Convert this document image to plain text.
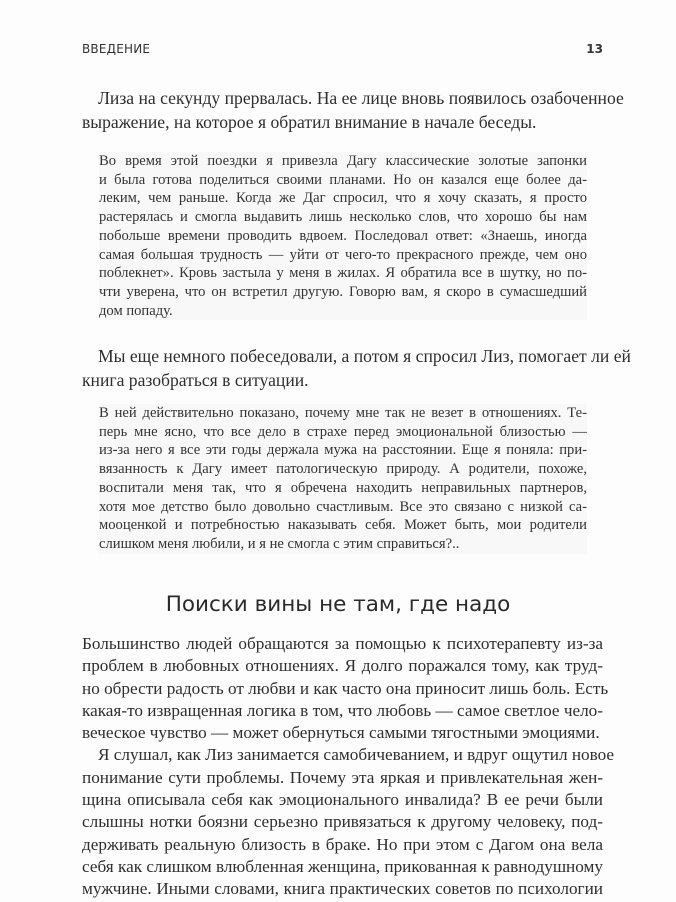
ВВЕДЕНИЕ	13
Лиза на секунду прервалась. На ее лице вновь появилось озабоченное
выражение, на которое я обратил внимание в начале беседы.
Во время этой поездки я привезла Дагу классические золотые запонки
и была готова поделиться своими планами. Но он казался еще более да-
леким, чем раньше. Когда же Даг спросил, что я хочу сказать, я просто
растерялась и смогла выдавить лишь несколько слов, что хорошо бы нам
побольше времени проводить вдвоем. Последовал ответ: «Знаешь, иногда
самая большая трудность — уйти от чего-то прекрасного прежде, чем оно
поблекнет». Кровь застыла у меня в жилах. Я обратила все в шутку, но по-
чти уверена, что он встретил другую. Говорю вам, я скоро в сумасшедший
дом попаду.
Мы еще немного побеседовали, а потом я спросил Лиз, помогает ли ей
книга разобраться в ситуации.
В ней действительно показано, почему мне так не везет в отношениях. Те-
перь мне ясно, что все дело в страхе перед эмоциональной близостью —
из-за него я все эти годы держала мужа на расстоянии. Еще я поняла: при-
вязанность к Дагу имеет патологическую природу. А родители, похоже,
воспитали меня так, что я обречена находить неправильных партнеров,
хотя мое детство было довольно счастливым. Все это связано с низкой са-
мооценкой и потребностью наказывать себя. Может быть, мои родители
слишком меня любили, и я не смогла с этим справиться?..
Поиски вины не там, где надо
Большинство людей обращаются за помощью к психотерапевту из-за
проблем в любовных отношениях. Я долго поражался тому, как труд-
но обрести радость от любви и как часто она приносит лишь боль. Есть
какая-то извращенная логика в том, что любовь — самое светлое чело-
веческое чувство — может обернуться самыми тягостными эмоциями.
Я слушал, как Лиз занимается самобичеванием, и вдруг ощутил новое
понимание сути проблемы. Почему эта яркая и привлекательная жен-
щина описывала себя как эмоционального инвалида? В ее речи были
слышны нотки боязни серьезно привязаться к другому человеку, под-
держивать реальную близость в браке. Но при этом с Дагом она вела
себя как слишком влюбленная женщина, прикованная к равнодушному
мужчине. Иными словами, книга практических советов по психологии
